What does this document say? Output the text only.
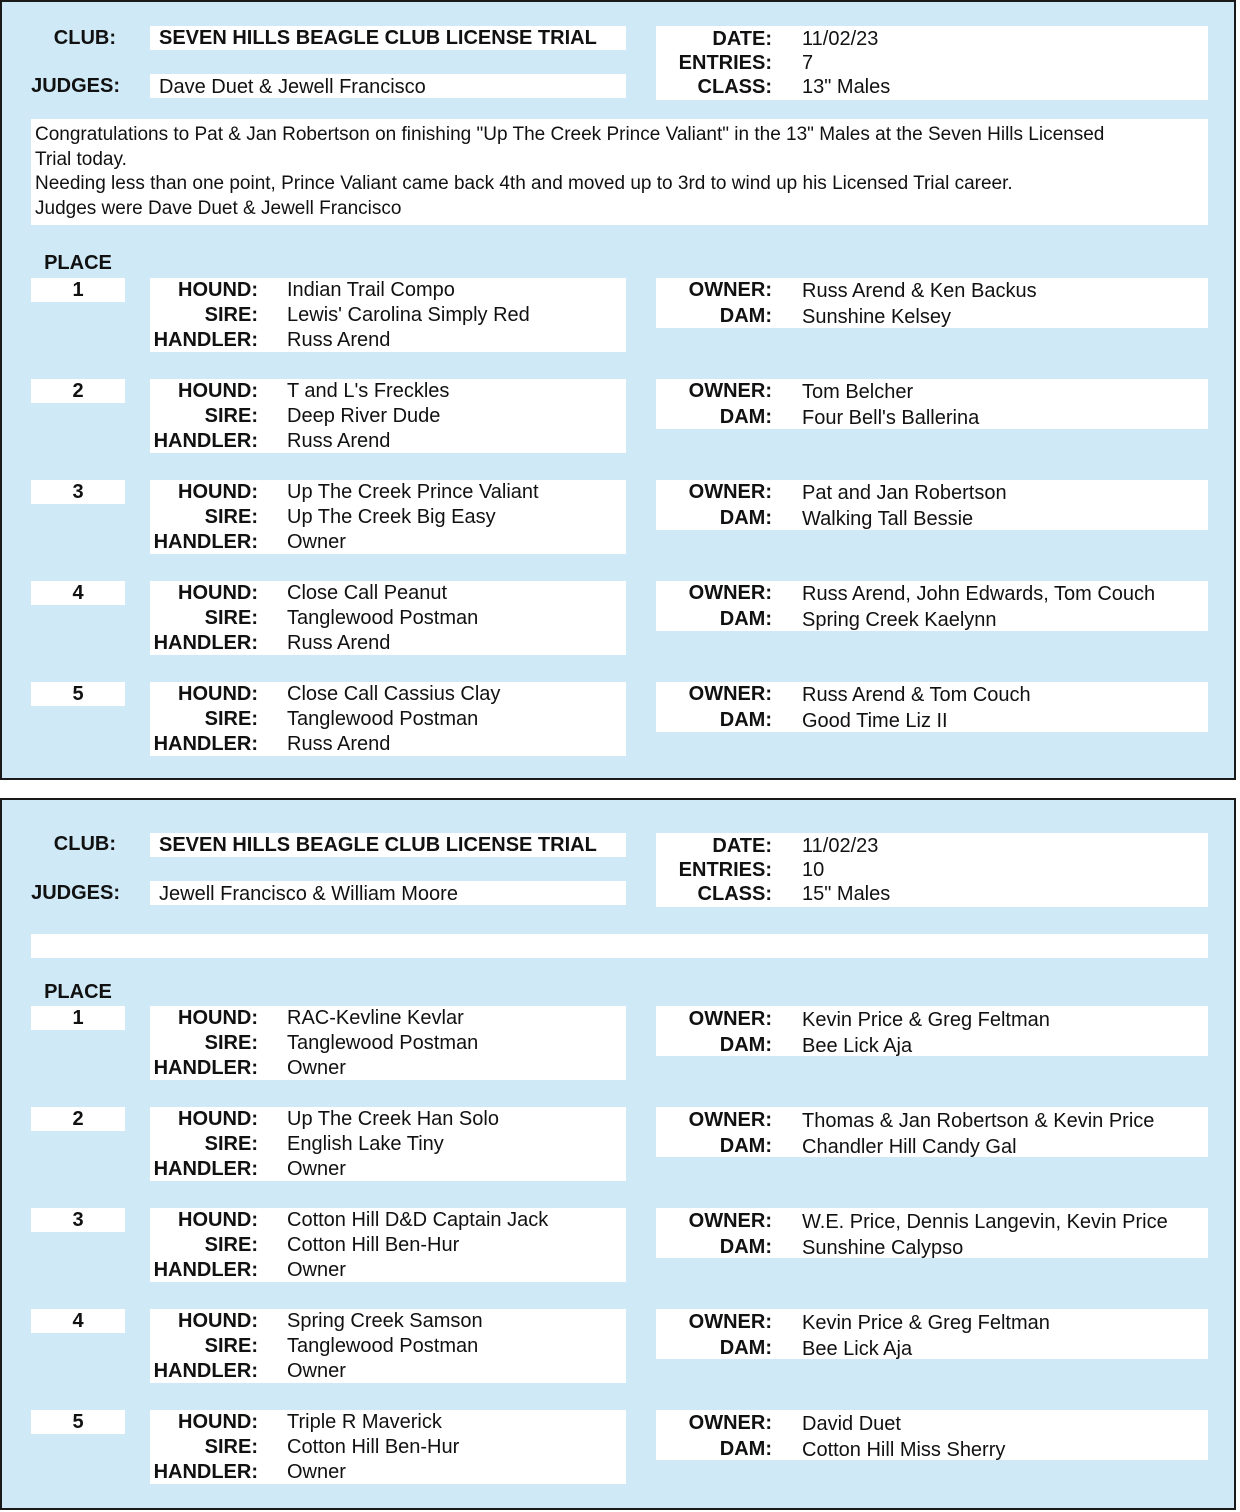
CLUB: SEVEN HILLS BEAGLE CLUB LICENSE TRIAL
JUDGES: Dave Duet & Jewell Francisco
DATE: 11/02/23
ENTRIES: 7
CLASS: 13" Males
Congratulations to Pat & Jan Robertson on finishing "Up The Creek Prince Valiant" in the 13" Males at the Seven Hills Licensed
Trial today.
Needing less than one point, Prince Valiant came back 4th and moved up to 3rd to wind up his Licensed Trial career.
Judges were Dave Duet & Jewell Francisco
PLACE
1	HOUND: Indian Trail Compo
SIRE: Lewis' Carolina Simply Red
HANDLER: Russ Arend
OWNER: Russ Arend & Ken Backus
DAM: Sunshine Kelsey
2	HOUND: T and L's Freckles
SIRE: Deep River Dude
HANDLER: Russ Arend
OWNER: Tom Belcher
DAM: Four Bell's Ballerina
3	HOUND: Up The Creek Prince Valiant
SIRE: Up The Creek Big Easy
HANDLER: Owner
OWNER: Pat and Jan Robertson
DAM: Walking Tall Bessie
4	HOUND: Close Call Peanut
SIRE: Tanglewood Postman
HANDLER: Russ Arend
OWNER: Russ Arend, John Edwards, Tom Couch
DAM: Spring Creek Kaelynn
5	HOUND: Close Call Cassius Clay
SIRE: Tanglewood Postman
HANDLER: Russ Arend
OWNER: Russ Arend & Tom Couch
DAM: Good Time Liz II
CLUB: SEVEN HILLS BEAGLE CLUB LICENSE TRIAL
JUDGES: Jewell Francisco & William Moore
DATE: 11/02/23
ENTRIES: 10
CLASS: 15" Males
PLACE
1	HOUND: RAC-Kevline Kevlar
SIRE: Tanglewood Postman
HANDLER: Owner
OWNER: Kevin Price & Greg Feltman
DAM: Bee Lick Aja
2	HOUND: Up The Creek Han Solo
SIRE: English Lake Tiny
HANDLER: Owner
OWNER: Thomas & Jan Robertson & Kevin Price
DAM: Chandler Hill Candy Gal
3	HOUND: Cotton Hill D&D Captain Jack
SIRE: Cotton Hill Ben-Hur
HANDLER: Owner
OWNER: W.E. Price, Dennis Langevin, Kevin Price
DAM: Sunshine Calypso
4	HOUND: Spring Creek Samson
SIRE: Tanglewood Postman
HANDLER: Owner
OWNER: Kevin Price & Greg Feltman
DAM: Bee Lick Aja
5	HOUND: Triple R Maverick
SIRE: Cotton Hill Ben-Hur
HANDLER: Owner
OWNER: David Duet
DAM: Cotton Hill Miss Sherry
